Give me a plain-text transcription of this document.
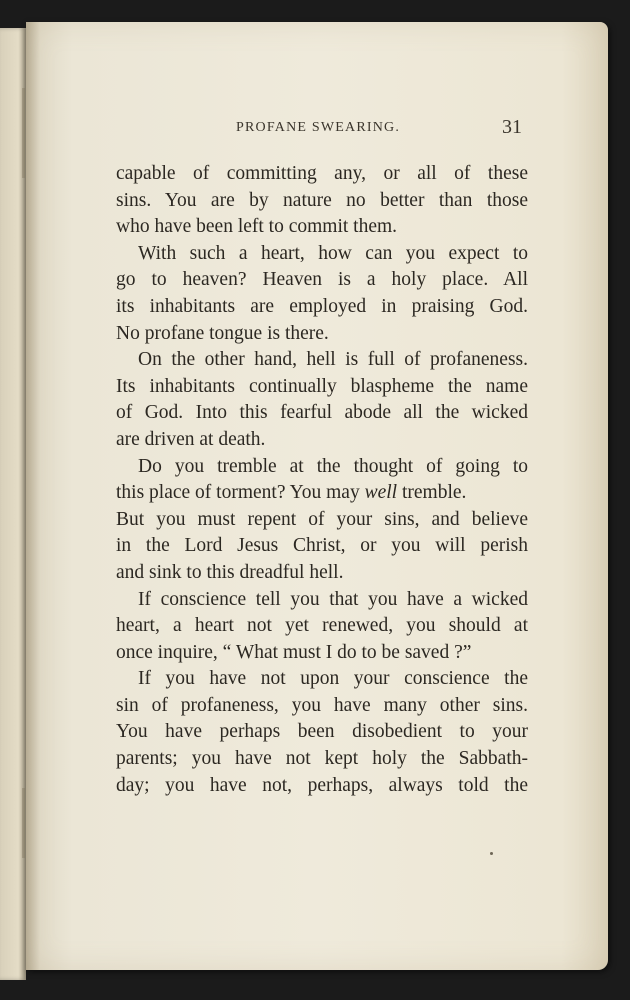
PROFANE SWEARING.	31
capable of committing any, or all of these
sins. You are by nature no better than those
who have been left to commit them.
With such a heart, how can you expect to
go to heaven? Heaven is a holy place. All
its inhabitants are employed in praising God.
No profane tongue is there.
On the other hand, hell is full of profaneness.
Its inhabitants continually blaspheme the name
of God. Into this fearful abode all the wicked
are driven at death.
Do you tremble at the thought of going to
this place of torment? You may well tremble.
But you must repent of your sins, and believe
in the Lord Jesus Christ, or you will perish
and sink to this dreadful hell.
If conscience tell you that you have a wicked
heart, a heart not yet renewed, you should at
once inquire, “ What must I do to be saved ?”
If you have not upon your conscience the
sin of profaneness, you have many other sins.
You have perhaps been disobedient to your
parents; you have not kept holy the Sabbath-
day; you have not, perhaps, always told the
